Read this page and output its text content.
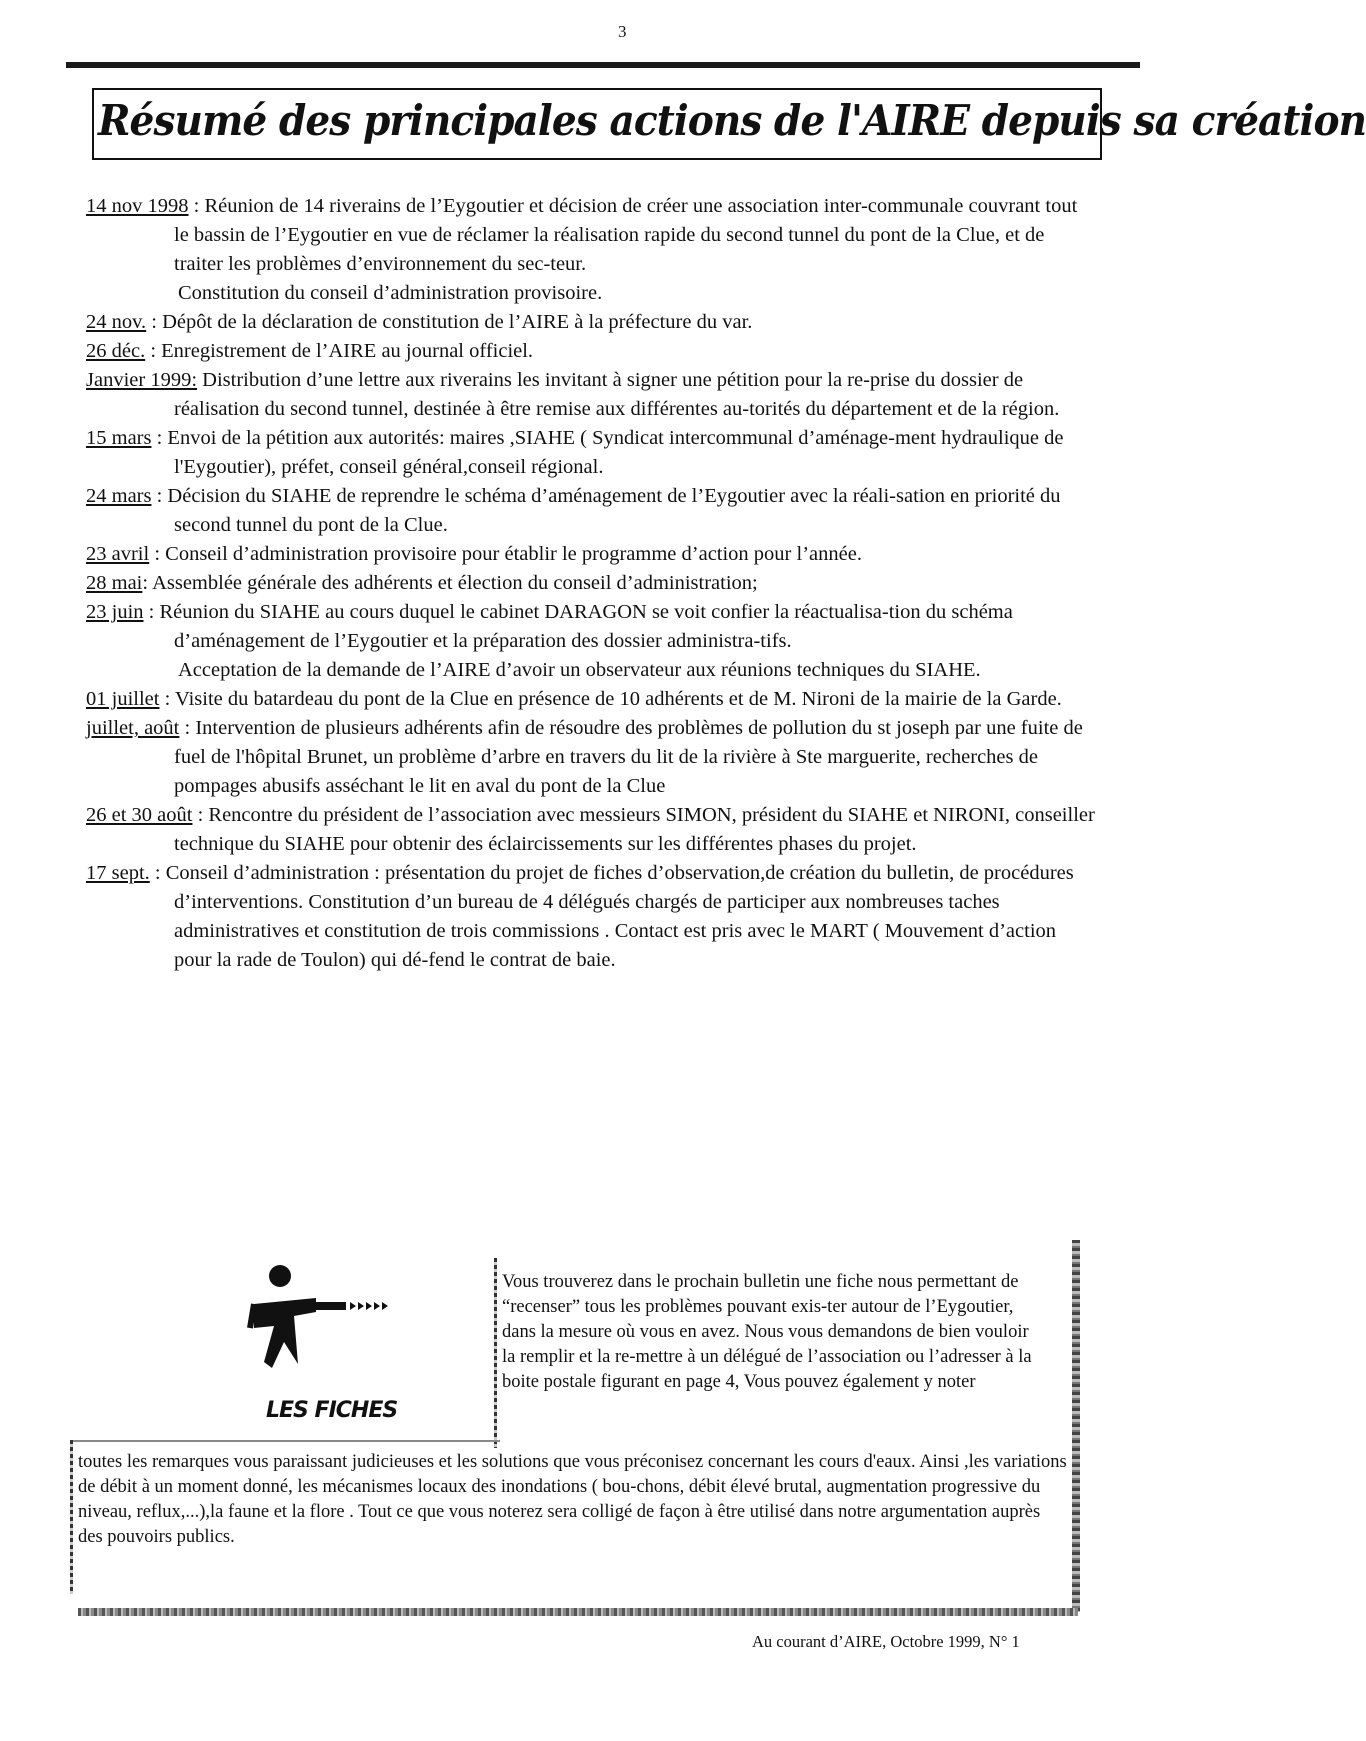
3
Résumé des principales actions de l'AIRE depuis sa création

14 nov 1998 : Réunion de 14 riverains de l’Eygoutier et décision de créer une association inter-communale couvrant tout le bassin de l’Eygoutier en vue de réclamer la réalisation rapide du second tunnel du pont de la Clue, et de traiter les problèmes d’environnement du sec-teur.

Constitution du conseil d’administration provisoire.

24 nov. : Dépôt de la déclaration de constitution de l’AIRE à la préfecture du var.

26 déc. : Enregistrement de l’AIRE au journal officiel.

Janvier 1999: Distribution d’une lettre aux riverains les invitant à signer une pétition pour la re-prise du dossier de réalisation du second tunnel, destinée à être remise aux différentes au-torités du département et de la région.

15 mars : Envoi de la pétition aux autorités: maires ,SIAHE ( Syndicat intercommunal d’aménage-ment hydraulique de l'Eygoutier), préfet, conseil général,conseil régional.

24 mars : Décision du SIAHE de reprendre le schéma d’aménagement de l’Eygoutier avec la réali-sation en priorité du second tunnel du pont de la Clue.

23 avril : Conseil d’administration provisoire pour établir le programme d’action pour l’année.

28 mai: Assemblée générale des adhérents et élection du conseil d’administration;

23 juin : Réunion du SIAHE au cours duquel le cabinet DARAGON se voit confier la réactualisa-tion du schéma d’aménagement de l’Eygoutier et la préparation des dossier administra-tifs.

Acceptation de la demande de l’AIRE d’avoir un observateur aux réunions techniques du SIAHE.

01 juillet : Visite du batardeau du pont de la Clue en présence de 10 adhérents et de M. Nironi de la mairie de la Garde.

juillet, août : Intervention de plusieurs adhérents afin de résoudre des problèmes de pollution du st joseph par une fuite de fuel de l'hôpital Brunet, un problème d’arbre en travers du lit de la rivière à Ste marguerite, recherches de pompages abusifs asséchant le lit en aval du pont de la Clue

26 et 30 août : Rencontre du président de l’association avec messieurs SIMON, président du SIAHE et NIRONI, conseiller technique du SIAHE pour obtenir des éclaircissements sur les différentes phases du projet.

17 sept. : Conseil d’administration : présentation du projet de fiches d’observation,de création du bulletin, de procédures d’interventions. Constitution d’un bureau de 4 délégués chargés de participer aux nombreuses taches administratives et constitution de trois commissions . Contact est pris avec le MART ( Mouvement d’action pour la rade de Toulon) qui dé-fend le contrat de baie.

LES FICHES
Vous trouverez dans le prochain bulletin une fiche nous permettant de “recenser” tous les problèmes pouvant exis-ter autour de l’Eygoutier, dans la mesure où vous en avez. Nous vous demandons de bien vouloir la remplir et la re-mettre à un délégué de l’association ou l’adresser à la boite postale figurant en page 4, Vous pouvez également y noter
toutes les remarques vous paraissant judicieuses et les solutions que vous préconisez concernant les cours d'eaux. Ainsi ,les variations de débit à un moment donné, les mécanismes locaux des inondations ( bou-chons, débit élevé brutal, augmentation progressive du niveau, reflux,...),la faune et la flore . Tout ce que vous noterez sera colligé de façon à être utilisé dans notre argumentation auprès des pouvoirs publics.
Au courant d’AIRE, Octobre 1999, N° 1
